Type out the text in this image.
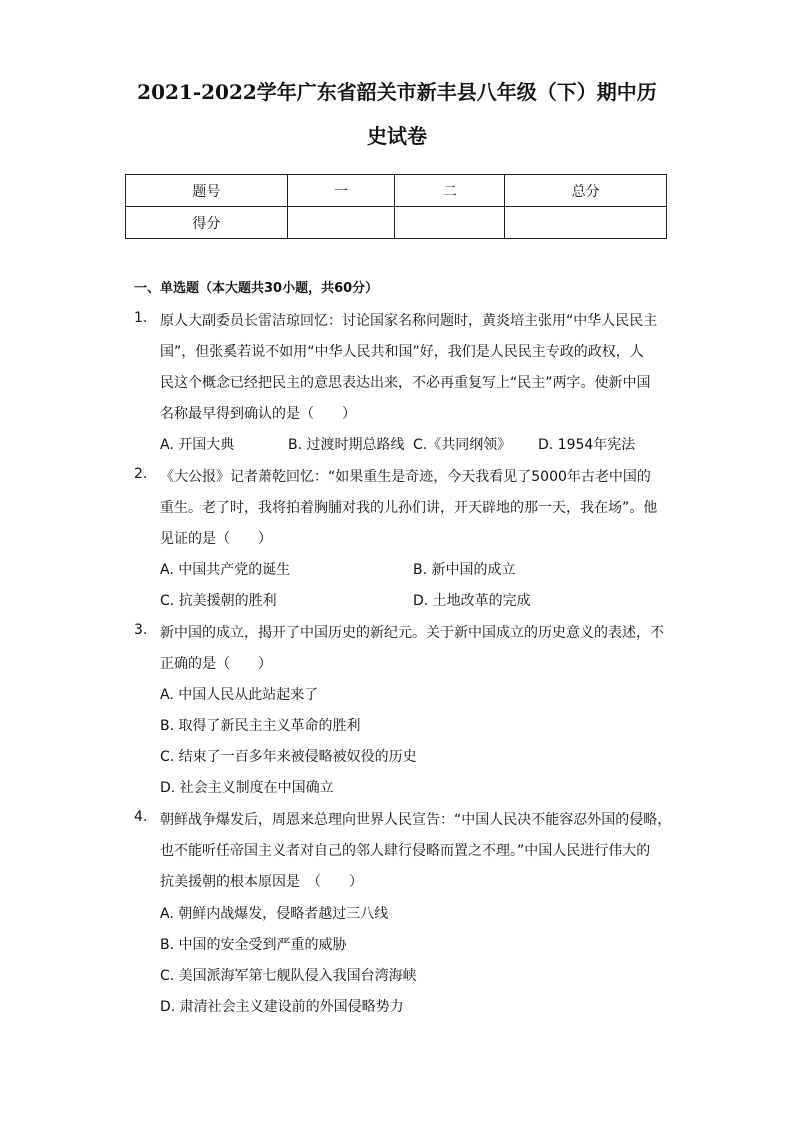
2021-2022学年广东省韶关市新丰县八年级（下）期中历
史试卷
题号	一	二	总分
得分			
一、单选题（本大题共30小题，共60分）
1. 原人大副委员长雷洁琼回忆：讨论国家名称问题时，黄炎培主张用“中华人民民主
国”，但张奚若说不如用“中华人民共和国”好，我们是人民民主专政的政权，人
民这个概念已经把民主的意思表达出来，不必再重复写上“民主”两字。使新中国
名称最早得到确认的是（　　）
A. 开国大典	B. 过渡时期总路线 C.《共同纲领》 D. 1954年宪法
2. 《大公报》记者萧乾回忆：“如果重生是奇迹，今天我看见了5000年古老中国的
重生。老了时，我将拍着胸脯对我的儿孙们讲，开天辟地的那一天，我在场”。他
见证的是（　　）
A. 中国共产党的诞生	B. 新中国的成立
C. 抗美援朝的胜利	D. 土地改革的完成
3. 新中国的成立，揭开了中国历史的新纪元。关于新中国成立的历史意义的表述，不
正确的是（　　）
A. 中国人民从此站起来了
B. 取得了新民主主义革命的胜利
C. 结束了一百多年来被侵略被奴役的历史
D. 社会主义制度在中国确立
4. 朝鲜战争爆发后，周恩来总理向世界人民宣告：“中国人民决不能容忍外国的侵略，
也不能听任帝国主义者对自己的邻人肆行侵略而置之不理。”中国人民进行伟大的
抗美援朝的根本原因是　（　　）
A. 朝鲜内战爆发，侵略者越过三八线
B. 中国的安全受到严重的威胁
C. 美国派海军第七舰队侵入我国台湾海峡
D. 肃清社会主义建设前的外国侵略势力
